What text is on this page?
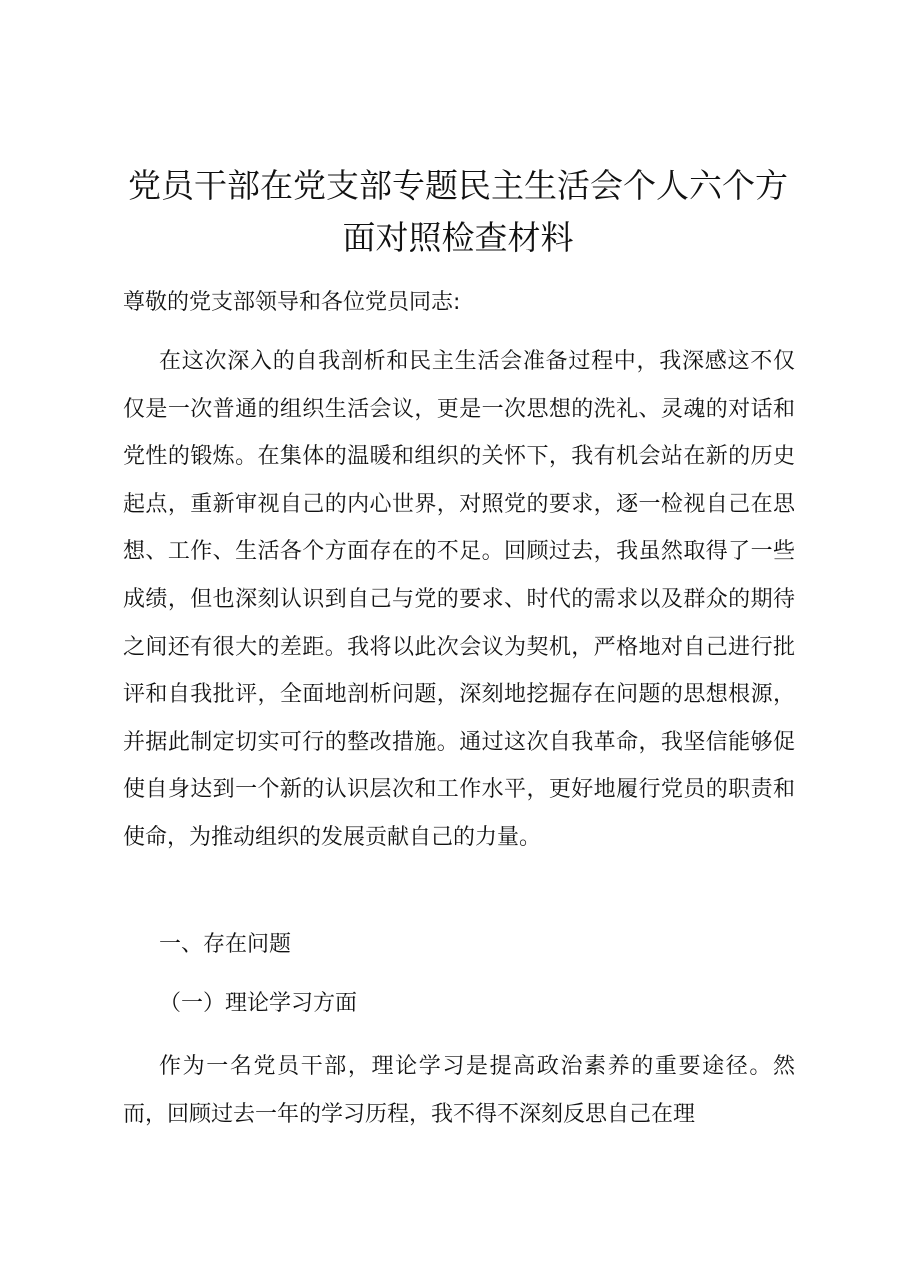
党员干部在党支部专题民主生活会个人六个方面对照检查材料

尊敬的党支部领导和各位党员同志:

在这次深入的自我剖析和民主生活会准备过程中，我深感这不仅仅是一次普通的组织生活会议，更是一次思想的洗礼、灵魂的对话和党性的锻炼。在集体的温暖和组织的关怀下，我有机会站在新的历史起点，重新审视自己的内心世界，对照党的要求，逐一检视自己在思想、工作、生活各个方面存在的不足。回顾过去，我虽然取得了一些成绩，但也深刻认识到自己与党的要求、时代的需求以及群众的期待之间还有很大的差距。我将以此次会议为契机，严格地对自己进行批评和自我批评，全面地剖析问题，深刻地挖掘存在问题的思想根源，并据此制定切实可行的整改措施。通过这次自我革命，我坚信能够促使自身达到一个新的认识层次和工作水平，更好地履行党员的职责和使命，为推动组织的发展贡献自己的力量。

一、存在问题
（一）理论学习方面

作为一名党员干部，理论学习是提高政治素养的重要途径。然而，回顾过去一年的学习历程，我不得不深刻反思自己在理
